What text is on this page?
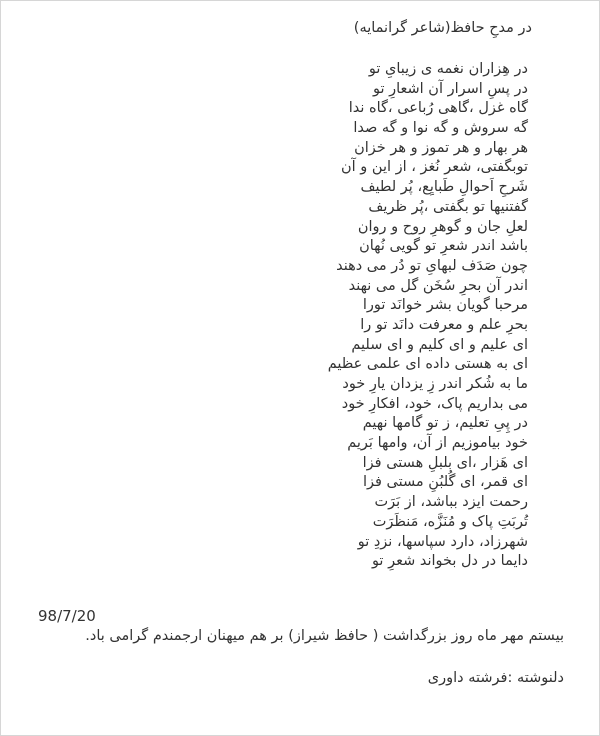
در مدحِ حافظ(شاعر گرانمایه)
در هِزاران نغمه ی زیبایِ تو
در پسِ اسرار آن اشعارِ تو
گاه غزل ،گاهی رُباعی ،گاه ندا
گه سروش و گه نوا و گه صدا
هر بهار و هر تموز و هر خزان
توبگفتی، شعر نُغز ، از این و آن
شَرحِ اَحوالِ طَبایِع، پُر لطیف
گفتنیها تو بگفتی ،پُر ظریف
لعلِ جان و گوهرِ روح و روان
باشد اندر شعرِ تو گویی نُهان
چون صَدَف لبهایِ تو دُر می دهند
اندر آن بحرِ سُخَن گل می نهند
مرحبا گویان بشر خوانَد تورا
بحرِ علم و معرفت دانَد تو را
ای علیم و ای کلیم و ای سلیم
ای به هستی داده ای علمی عظیم
ما به شُکر اندر زِ یزدان یارِ خود
می بداریم پاک، خود، افکارِ خود
در پِیِ تعلیم، ز تو گامها نهیم
خود بیاموزیم از آن، وامها بَریم
ای هَزار ،ای بلبلِ هستی فزا
ای قمر، ای گُلبُنِ مستی فزا
رحمت ایزد بباشد، از بَرَت
تُربَتِ پاک و مُنَزَّه، مَنظَرَت
شهرزاد، دارد سپاسها، نزدِ تو
دایما در دل بخواند شعرِ تو
98/7/20
بیستم مهر ماه روز بزرگداشت ( حافظ شیراز) بر هم میهنان ارجمندم گرامی باد.
دلنوشته :فرشته داوری
